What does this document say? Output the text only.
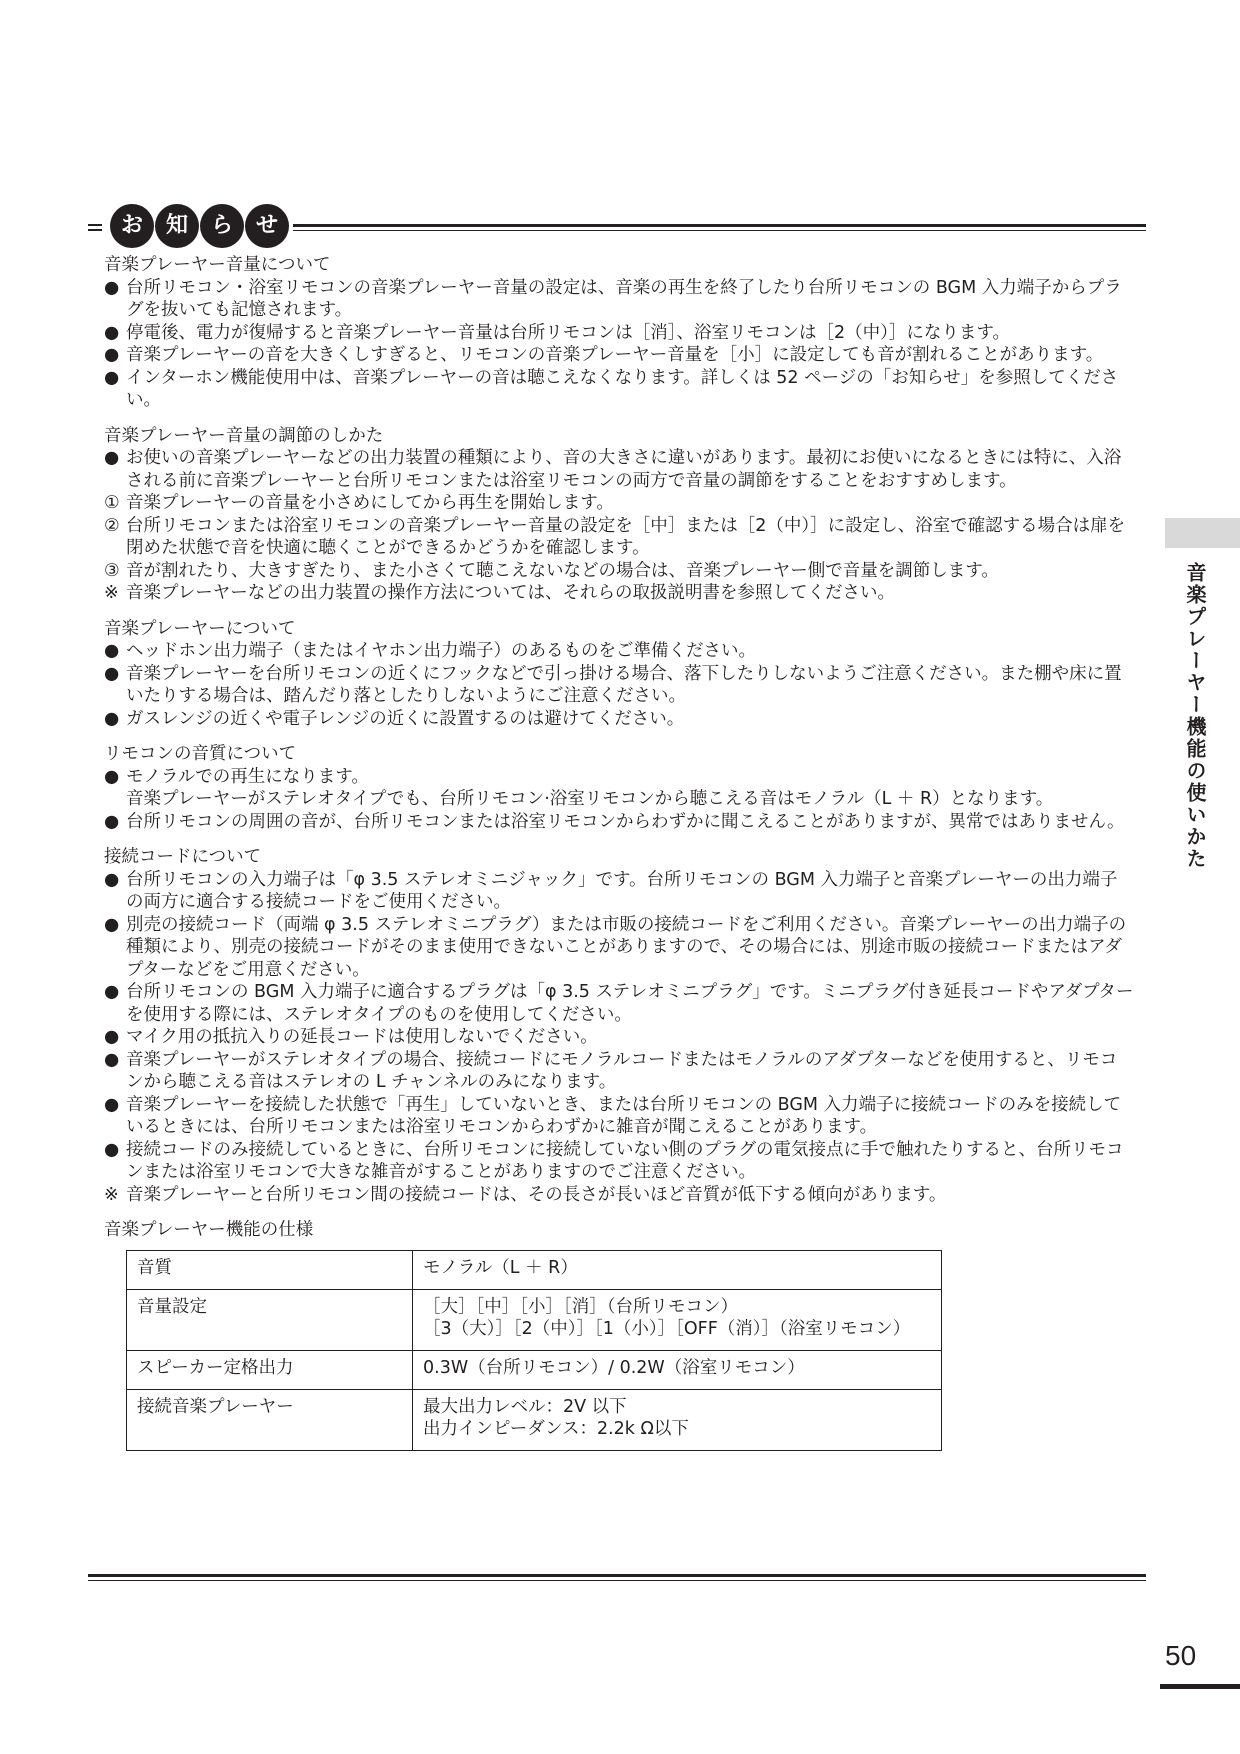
お	知	ら	せ
音楽プレーヤー音量について
● 台所リモコン・浴室リモコンの音楽プレーヤー音量の設定は、音楽の再生を終了したり台所リモコンの BGM 入力端子からプラグを抜いても記憶されます。
● 停電後、電力が復帰すると音楽プレーヤー音量は台所リモコンは［消］、浴室リモコンは［2（中）］になります。
● 音楽プレーヤーの音を大きくしすぎると、リモコンの音楽プレーヤー音量を［小］に設定しても音が割れることがあります。
● インターホン機能使用中は、音楽プレーヤーの音は聴こえなくなります。詳しくは 52 ページの「お知らせ」を参照してください。
音楽プレーヤー音量の調節のしかた
● お使いの音楽プレーヤーなどの出力装置の種類により、音の大きさに違いがあります。最初にお使いになるときには特に、入浴される前に音楽プレーヤーと台所リモコンまたは浴室リモコンの両方で音量の調節をすることをおすすめします。
① 音楽プレーヤーの音量を小さめにしてから再生を開始します。
② 台所リモコンまたは浴室リモコンの音楽プレーヤー音量の設定を［中］または［2（中）］に設定し、浴室で確認する場合は扉を閉めた状態で音を快適に聴くことができるかどうかを確認します。
③ 音が割れたり、大きすぎたり、また小さくて聴こえないなどの場合は、音楽プレーヤー側で音量を調節します。
※ 音楽プレーヤーなどの出力装置の操作方法については、それらの取扱説明書を参照してください。
音楽プレーヤーについて
● ヘッドホン出力端子（またはイヤホン出力端子）のあるものをご準備ください。
● 音楽プレーヤーを台所リモコンの近くにフックなどで引っ掛ける場合、落下したりしないようご注意ください。また棚や床に置いたりする場合は、踏んだり落としたりしないようにご注意ください。
● ガスレンジの近くや電子レンジの近くに設置するのは避けてください。
リモコンの音質について
● モノラルでの再生になります。
音楽プレーヤーがステレオタイプでも、台所リモコン·浴室リモコンから聴こえる音はモノラル（L ＋ R）となります。
● 台所リモコンの周囲の音が、台所リモコンまたは浴室リモコンからわずかに聞こえることがありますが、異常ではありません。
接続コードについて
● 台所リモコンの入力端子は「φ 3.5 ステレオミニジャック」です。台所リモコンの BGM 入力端子と音楽プレーヤーの出力端子の両方に適合する接続コードをご使用ください。
● 別売の接続コード（両端 φ 3.5 ステレオミニプラグ）または市販の接続コードをご利用ください。音楽プレーヤーの出力端子の種類により、別売の接続コードがそのまま使用できないことがありますので、その場合には、別途市販の接続コードまたはアダプターなどをご用意ください。
● 台所リモコンの BGM 入力端子に適合するプラグは「φ 3.5 ステレオミニプラグ」です。ミニプラグ付き延長コードやアダプターを使用する際には、ステレオタイプのものを使用してください。
● マイク用の抵抗入りの延長コードは使用しないでください。
● 音楽プレーヤーがステレオタイプの場合、接続コードにモノラルコードまたはモノラルのアダプターなどを使用すると、リモコンから聴こえる音はステレオの L チャンネルのみになります。
● 音楽プレーヤーを接続した状態で「再生」していないとき、または台所リモコンの BGM 入力端子に接続コードのみを接続しているときには、台所リモコンまたは浴室リモコンからわずかに雑音が聞こえることがあります。
● 接続コードのみ接続しているときに、台所リモコンに接続していない側のプラグの電気接点に手で触れたりすると、台所リモコンまたは浴室リモコンで大きな雑音がすることがありますのでご注意ください。
※ 音楽プレーヤーと台所リモコン間の接続コードは、その長さが長いほど音質が低下する傾向があります。
音楽プレーヤー機能の仕様
音質	モノラル（L ＋ R）
音量設定	［大］［中］［小］［消］（台所リモコン）
［3（大）］［2（中）］［1（小）］［OFF（消）］（浴室リモコン）
スピーカー定格出力	0.3W（台所リモコン）/ 0.2W（浴室リモコン）
接続音楽プレーヤー	最大出力レベル：2V 以下
出力インピーダンス：2.2k Ω以下
音楽プレーヤー機能の使いかた
50
